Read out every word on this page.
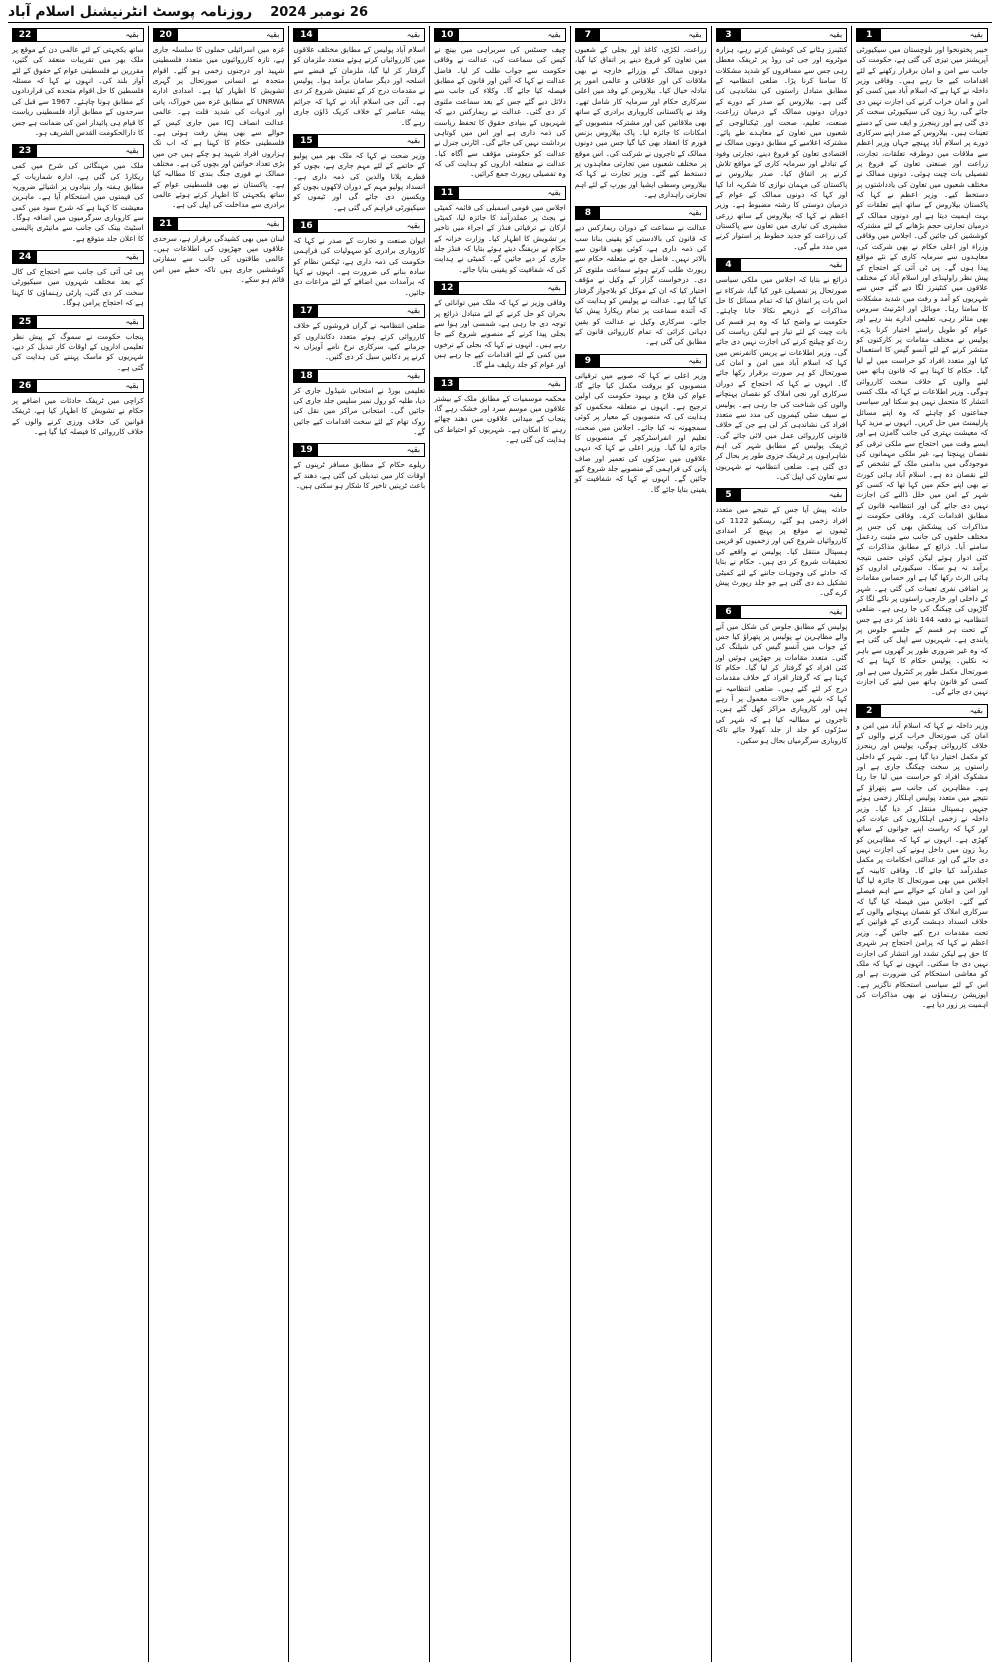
روزنامہ پوسٹ انٹرنیشنل اسلام آباد 26 نومبر 2024
1	بقیہ

خیبر پختونخوا اور بلوچستان میں سیکیورٹی آپریشنز میں تیزی کی گئی ہے، حکومت کی جانب سے امن و امان برقرار رکھنے کے لئے اقدامات کیے جا رہے ہیں۔ وفاقی وزیر داخلہ نے کہا ہے کہ اسلام آباد میں کسی کو امن و امان خراب کرنے کی اجازت نہیں دی جائے گی، ریڈ زون کی سیکیورٹی سخت کر دی گئی ہے اور رینجرز و ایف سی کے دستے تعینات ہیں۔ بیلاروس کے صدر اپنے سرکاری دورے پر اسلام آباد پہنچے جہاں وزیر اعظم سے ملاقات میں دوطرفہ تعلقات، تجارت، زراعت اور صنعتی تعاون کے فروغ پر تفصیلی بات چیت ہوئی۔ دونوں ممالک نے مختلف شعبوں میں تعاون کی یادداشتوں پر دستخط کیے۔ وزیر اعظم نے کہا کہ پاکستان بیلاروس کے ساتھ اپنے تعلقات کو بہت اہمیت دیتا ہے اور دونوں ممالک کے درمیان تجارتی حجم بڑھانے کے لئے مشترکہ کوششیں کی جائیں گی۔ اجلاس میں وفاقی وزراء اور اعلی حکام نے بھی شرکت کی، معاہدوں سے سرمایہ کاری کے نئے مواقع پیدا ہوں گے۔ پی ٹی آئی کے احتجاج کے پیش نظر راولپنڈی اور اسلام آباد کے مختلف علاقوں میں کنٹینرز لگا دیے گئے جس سے شہریوں کو آمد و رفت میں شدید مشکلات کا سامنا رہا۔ موبائل اور انٹرنیٹ سروس بھی متاثر رہی، تعلیمی ادارے بند رہے اور عوام کو طویل راستے اختیار کرنا پڑے۔ پولیس نے مختلف مقامات پر کارکنوں کو منتشر کرنے کے لئے آنسو گیس کا استعمال کیا اور متعدد افراد کو حراست میں لے لیا گیا۔ حکام کا کہنا ہے کہ قانون ہاتھ میں لینے والوں کے خلاف سخت کارروائی ہوگی۔ وزیر اطلاعات نے کہا کہ ملک کسی انتشار کا متحمل نہیں ہو سکتا اور سیاسی جماعتوں کو چاہئے کہ وہ اپنے مسائل پارلیمنٹ میں حل کریں۔ انہوں نے مزید کہا کہ معیشت بہتری کی جانب گامزن ہے اور ایسے وقت میں احتجاج سے ملکی ترقی کو نقصان پہنچتا ہے، غیر ملکی مہمانوں کی موجودگی میں بدامنی ملک کے تشخص کے لئے نقصان دہ ہے۔ اسلام آباد ہائی کورٹ نے بھی اپنے حکم میں کہا تھا کہ کسی کو شہر کے امن میں خلل ڈالنے کی اجازت نہیں دی جائے گی اور انتظامیہ قانون کے مطابق اقدامات کرے۔ وفاقی حکومت نے مذاکرات کی پیشکش بھی کی جس پر مختلف حلقوں کی جانب سے مثبت ردعمل سامنے آیا۔ ذرائع کے مطابق مذاکرات کے کئی ادوار ہوئے لیکن کوئی حتمی نتیجہ برآمد نہ ہو سکا۔ سیکیورٹی اداروں کو ہائی الرٹ رکھا گیا ہے اور حساس مقامات پر اضافی نفری تعینات کی گئی ہے۔ شہر کے داخلی اور خارجی راستوں پر ناکے لگا کر گاڑیوں کی چیکنگ کی جا رہی ہے۔ ضلعی انتظامیہ نے دفعہ 144 نافذ کر دی ہے جس کے تحت ہر قسم کے جلسے جلوس پر پابندی ہے۔ شہریوں سے اپیل کی گئی ہے کہ وہ غیر ضروری طور پر گھروں سے باہر نہ نکلیں۔ پولیس حکام کا کہنا ہے کہ صورتحال مکمل طور پر کنٹرول میں ہے اور کسی کو قانون ہاتھ میں لینے کی اجازت نہیں دی جائے گی۔

2	بقیہ

وزیر داخلہ نے کہا کہ اسلام آباد میں امن و امان کی صورتحال خراب کرنے والوں کے خلاف کارروائی ہوگی، پولیس اور رینجرز کو مکمل اختیار دیا گیا ہے۔ شہر کے داخلی راستوں پر سخت چیکنگ جاری ہے اور مشکوک افراد کو حراست میں لیا جا رہا ہے۔ مظاہرین کی جانب سے پتھراؤ کے نتیجے میں متعدد پولیس اہلکار زخمی ہوئے جنہیں ہسپتال منتقل کر دیا گیا۔ وزیر داخلہ نے زخمی اہلکاروں کی عیادت کی اور کہا کہ ریاست اپنے جوانوں کے ساتھ کھڑی ہے۔ انہوں نے کہا کہ مظاہرین کو ریڈ زون میں داخل ہونے کی اجازت نہیں دی جائے گی اور عدالتی احکامات پر مکمل عملدرآمد کیا جائے گا۔ وفاقی کابینہ کے اجلاس میں بھی صورتحال کا جائزہ لیا گیا اور امن و امان کے حوالے سے اہم فیصلے کیے گئے۔ اجلاس میں فیصلہ کیا گیا کہ سرکاری املاک کو نقصان پہنچانے والوں کے خلاف انسداد دہشت گردی کے قوانین کے تحت مقدمات درج کیے جائیں گے۔ وزیر اعظم نے کہا کہ پرامن احتجاج ہر شہری کا حق ہے لیکن تشدد اور انتشار کی اجازت نہیں دی جا سکتی۔ انہوں نے کہا کہ ملک کو معاشی استحکام کی ضرورت ہے اور اس کے لئے سیاسی استحکام ناگزیر ہے۔ اپوزیشن رہنماؤں نے بھی مذاکرات کی اہمیت پر زور دیا ہے۔

3	بقیہ

کنٹینرز ہٹانے کی کوشش کرتے رہے، ہزارہ موٹروے اور جی ٹی روڈ پر ٹریفک معطل رہی جس سے مسافروں کو شدید مشکلات کا سامنا کرنا پڑا۔ ضلعی انتظامیہ کے مطابق متبادل راستوں کی نشاندہی کی گئی ہے۔ بیلاروس کے صدر کے دورے کے دوران دونوں ممالک کے درمیان زراعت، صنعت، تعلیم، صحت اور ٹیکنالوجی کے شعبوں میں تعاون کے معاہدے طے پائے۔ مشترکہ اعلامیے کے مطابق دونوں ممالک نے اقتصادی تعاون کو فروغ دینے، تجارتی وفود کے تبادلے اور سرمایہ کاری کے مواقع تلاش کرنے پر اتفاق کیا۔ صدر بیلاروس نے پاکستان کی مہمان نوازی کا شکریہ ادا کیا اور کہا کہ دونوں ممالک کے عوام کے درمیان دوستی کا رشتہ مضبوط ہے۔ وزیر اعظم نے کہا کہ بیلاروس کے ساتھ زرعی مشینری کی تیاری میں تعاون سے پاکستان کی زراعت کو جدید خطوط پر استوار کرنے میں مدد ملے گی۔

4	بقیہ

ذرائع نے بتایا کہ اجلاس میں ملکی سیاسی صورتحال پر تفصیلی غور کیا گیا، شرکاء نے اس بات پر اتفاق کیا کہ تمام مسائل کا حل مذاکرات کے ذریعے نکالا جانا چاہئے۔ حکومت نے واضح کیا کہ وہ ہر قسم کی بات چیت کے لئے تیار ہے لیکن ریاست کی رٹ کو چیلنج کرنے کی اجازت نہیں دی جائے گی۔ وزیر اطلاعات نے پریس کانفرنس میں کہا کہ اسلام آباد میں امن و امان کی صورتحال کو ہر صورت برقرار رکھا جائے گا۔ انہوں نے کہا کہ احتجاج کے دوران سرکاری اور نجی املاک کو نقصان پہنچانے والوں کی شناخت کی جا رہی ہے۔ پولیس نے سیف سٹی کیمروں کی مدد سے متعدد افراد کی نشاندہی کر لی ہے جن کے خلاف قانونی کارروائی عمل میں لائی جائے گی۔ ٹریفک پولیس کے مطابق شہر کی اہم شاہراہوں پر ٹریفک جزوی طور پر بحال کر دی گئی ہے۔ ضلعی انتظامیہ نے شہریوں سے تعاون کی اپیل کی۔

5	بقیہ

حادثہ پیش آیا جس کے نتیجے میں متعدد افراد زخمی ہو گئے، ریسکیو 1122 کی ٹیموں نے موقع پر پہنچ کر امدادی کارروائیاں شروع کیں اور زخمیوں کو قریبی ہسپتال منتقل کیا۔ پولیس نے واقعے کی تحقیقات شروع کر دی ہیں۔ حکام نے بتایا کہ حادثے کی وجوہات جاننے کے لئے کمیٹی تشکیل دے دی گئی ہے جو جلد رپورٹ پیش کرے گی۔

6	بقیہ

پولیس کے مطابق جلوس کی شکل میں آنے والے مظاہرین نے پولیس پر پتھراؤ کیا جس کے جواب میں آنسو گیس کی شیلنگ کی گئی۔ متعدد مقامات پر جھڑپیں ہوئیں اور کئی افراد کو گرفتار کر لیا گیا۔ حکام کا کہنا ہے کہ گرفتار افراد کے خلاف مقدمات درج کر لئے گئے ہیں۔ ضلعی انتظامیہ نے کہا کہ شہر میں حالات معمول پر آ رہے ہیں اور کاروباری مراکز کھل گئے ہیں۔ تاجروں نے مطالبہ کیا ہے کہ شہر کی سڑکوں کو جلد از جلد کھولا جائے تاکہ کاروباری سرگرمیاں بحال ہو سکیں۔

7	بقیہ

زراعت، لکڑی، کاغذ اور بجلی کے شعبوں میں تعاون کو فروغ دینے پر اتفاق کیا گیا، دونوں ممالک کے وزرائے خارجہ نے بھی ملاقات کی اور علاقائی و عالمی امور پر تبادلہ خیال کیا۔ بیلاروس کے وفد میں اعلی سرکاری حکام اور سرمایہ کار شامل تھے۔ وفد نے پاکستانی کاروباری برادری کے ساتھ بھی ملاقاتیں کیں اور مشترکہ منصوبوں کے امکانات کا جائزہ لیا۔ پاک بیلاروس بزنس فورم کا انعقاد بھی کیا گیا جس میں دونوں ممالک کے تاجروں نے شرکت کی۔ اس موقع پر مختلف شعبوں میں تجارتی معاہدوں پر دستخط کیے گئے۔ وزیر تجارت نے کہا کہ بیلاروس وسطی ایشیا اور یورپ کے لئے اہم تجارتی راہداری ہے۔

8	بقیہ

عدالت نے سماعت کے دوران ریمارکس دیے کہ قانون کی بالادستی کو یقینی بنانا سب کی ذمہ داری ہے، کوئی بھی قانون سے بالاتر نہیں۔ فاضل جج نے متعلقہ حکام سے رپورٹ طلب کرتے ہوئے سماعت ملتوی کر دی۔ درخواست گزار کے وکیل نے مؤقف اختیار کیا کہ ان کے موکل کو بلاجواز گرفتار کیا گیا ہے۔ عدالت نے پولیس کو ہدایت کی کہ آئندہ سماعت پر تمام ریکارڈ پیش کیا جائے۔ سرکاری وکیل نے عدالت کو یقین دہانی کرائی کہ تمام کارروائی قانون کے مطابق کی گئی ہے۔

9	بقیہ

وزیر اعلی نے کہا کہ صوبے میں ترقیاتی منصوبوں کو بروقت مکمل کیا جائے گا، عوام کی فلاح و بہبود حکومت کی اولین ترجیح ہے۔ انہوں نے متعلقہ محکموں کو ہدایت کی کہ منصوبوں کے معیار پر کوئی سمجھوتہ نہ کیا جائے۔ اجلاس میں صحت، تعلیم اور انفراسٹرکچر کے منصوبوں کا جائزہ لیا گیا۔ وزیر اعلی نے کہا کہ دیہی علاقوں میں سڑکوں کی تعمیر اور صاف پانی کی فراہمی کے منصوبے جلد شروع کیے جائیں گے۔ انہوں نے کہا کہ شفافیت کو یقینی بنایا جائے گا۔

10	بقیہ

چیف جسٹس کی سربراہی میں بینچ نے کیس کی سماعت کی، عدالت نے وفاقی حکومت سے جواب طلب کر لیا۔ فاضل عدالت نے کہا کہ آئین اور قانون کے مطابق فیصلہ کیا جائے گا۔ وکلاء کی جانب سے دلائل دیے گئے جس کے بعد سماعت ملتوی کر دی گئی۔ عدالت نے ریمارکس دیے کہ شہریوں کے بنیادی حقوق کا تحفظ ریاست کی ذمہ داری ہے اور اس میں کوتاہی برداشت نہیں کی جائے گی۔ اٹارنی جنرل نے عدالت کو حکومتی مؤقف سے آگاہ کیا۔ عدالت نے متعلقہ اداروں کو ہدایت کی کہ وہ تفصیلی رپورٹ جمع کرائیں۔

11	بقیہ

اجلاس میں قومی اسمبلی کی قائمہ کمیٹی نے بجٹ پر عملدرآمد کا جائزہ لیا، کمیٹی ارکان نے ترقیاتی فنڈز کے اجراء میں تاخیر پر تشویش کا اظہار کیا۔ وزارت خزانہ کے حکام نے بریفنگ دیتے ہوئے بتایا کہ فنڈز جلد جاری کر دیے جائیں گے۔ کمیٹی نے ہدایت کی کہ شفافیت کو یقینی بنایا جائے۔

12	بقیہ

وفاقی وزیر نے کہا کہ ملک میں توانائی کے بحران کو حل کرنے کے لئے متبادل ذرائع پر توجہ دی جا رہی ہے، شمسی اور ہوا سے بجلی پیدا کرنے کے منصوبے شروع کیے جا رہے ہیں۔ انہوں نے کہا کہ بجلی کے نرخوں میں کمی کے لئے اقدامات کیے جا رہے ہیں اور عوام کو جلد ریلیف ملے گا۔

13	بقیہ

محکمہ موسمیات کے مطابق ملک کے بیشتر علاقوں میں موسم سرد اور خشک رہے گا، پنجاب کے میدانی علاقوں میں دھند چھائے رہنے کا امکان ہے۔ شہریوں کو احتیاط کی ہدایت کی گئی ہے۔

14	بقیہ

اسلام آباد پولیس کے مطابق مختلف علاقوں میں کارروائیاں کرتے ہوئے متعدد ملزمان کو گرفتار کر لیا گیا، ملزمان کے قبضے سے اسلحہ اور دیگر سامان برآمد ہوا۔ پولیس نے مقدمات درج کر کے تفتیش شروع کر دی ہے۔ آئی جی اسلام آباد نے کہا کہ جرائم پیشہ عناصر کے خلاف کریک ڈاؤن جاری رہے گا۔

15	بقیہ

وزیر صحت نے کہا کہ ملک بھر میں پولیو کے خاتمے کے لئے مہم جاری ہے، بچوں کو قطرے پلانا والدین کی ذمہ داری ہے۔ انسداد پولیو مہم کے دوران لاکھوں بچوں کو ویکسین دی جائے گی اور ٹیموں کو سیکیورٹی فراہم کی گئی ہے۔

16	بقیہ

ایوان صنعت و تجارت کے صدر نے کہا کہ کاروباری برادری کو سہولیات کی فراہمی حکومت کی ذمہ داری ہے، ٹیکس نظام کو سادہ بنانے کی ضرورت ہے۔ انہوں نے کہا کہ برآمدات میں اضافے کے لئے مراعات دی جائیں۔

17	بقیہ

ضلعی انتظامیہ نے گراں فروشوں کے خلاف کارروائی کرتے ہوئے متعدد دکانداروں کو جرمانے کیے، سرکاری نرخ نامے آویزاں نہ کرنے پر دکانیں سیل کر دی گئیں۔

18	بقیہ

تعلیمی بورڈ نے امتحانی شیڈول جاری کر دیا، طلبہ کو رول نمبر سلپس جلد جاری کی جائیں گی۔ امتحانی مراکز میں نقل کی روک تھام کے لئے سخت اقدامات کیے جائیں گے۔

19	بقیہ

ریلوے حکام کے مطابق مسافر ٹرینوں کے اوقات کار میں تبدیلی کی گئی ہے، دھند کے باعث ٹرینیں تاخیر کا شکار ہو سکتی ہیں۔

20	بقیہ

غزہ میں اسرائیلی حملوں کا سلسلہ جاری ہے، تازہ کارروائیوں میں متعدد فلسطینی شہید اور درجنوں زخمی ہو گئے۔ اقوام متحدہ نے انسانی صورتحال پر گہری تشویش کا اظہار کیا ہے۔ امدادی ادارے UNRWA کے مطابق غزہ میں خوراک، پانی اور ادویات کی شدید قلت ہے۔ عالمی عدالت انصاف ICJ میں جاری کیس کے حوالے سے بھی پیش رفت ہوئی ہے۔ فلسطینی حکام کا کہنا ہے کہ اب تک ہزاروں افراد شہید ہو چکے ہیں جن میں بڑی تعداد خواتین اور بچوں کی ہے۔ مختلف ممالک نے فوری جنگ بندی کا مطالبہ کیا ہے۔ پاکستان نے بھی فلسطینی عوام کے ساتھ یکجہتی کا اظہار کرتے ہوئے عالمی برادری سے مداخلت کی اپیل کی ہے۔

21	بقیہ

لبنان میں بھی کشیدگی برقرار ہے، سرحدی علاقوں میں جھڑپوں کی اطلاعات ہیں۔ عالمی طاقتوں کی جانب سے سفارتی کوششیں جاری ہیں تاکہ خطے میں امن قائم ہو سکے۔

22	بقیہ

ساتھ یکجہتی کے لئے عالمی دن کے موقع پر ملک بھر میں تقریبات منعقد کی گئیں، مقررین نے فلسطینی عوام کے حقوق کے لئے آواز بلند کی۔ انہوں نے کہا کہ مسئلہ فلسطین کا حل اقوام متحدہ کی قراردادوں کے مطابق ہونا چاہئے۔ 1967 سے قبل کی سرحدوں کے مطابق آزاد فلسطینی ریاست کا قیام ہی پائیدار امن کی ضمانت ہے جس کا دارالحکومت القدس الشریف ہو۔

23	بقیہ

ملک میں مہنگائی کی شرح میں کمی ریکارڈ کی گئی ہے، ادارہ شماریات کے مطابق ہفتہ وار بنیادوں پر اشیائے ضروریہ کی قیمتوں میں استحکام آیا ہے۔ ماہرین معیشت کا کہنا ہے کہ شرح سود میں کمی سے کاروباری سرگرمیوں میں اضافہ ہوگا۔ اسٹیٹ بینک کی جانب سے مانیٹری پالیسی کا اعلان جلد متوقع ہے۔

24	بقیہ

پی ٹی آئی کی جانب سے احتجاج کی کال کے بعد مختلف شہروں میں سیکیورٹی سخت کر دی گئی، پارٹی رہنماؤں کا کہنا ہے کہ احتجاج پرامن ہوگا۔

25	بقیہ

پنجاب حکومت نے سموگ کے پیش نظر تعلیمی اداروں کے اوقات کار تبدیل کر دیے، شہریوں کو ماسک پہننے کی ہدایت کی گئی ہے۔

26	بقیہ

کراچی میں ٹریفک حادثات میں اضافے پر حکام نے تشویش کا اظہار کیا ہے، ٹریفک قوانین کی خلاف ورزی کرنے والوں کے خلاف کارروائی کا فیصلہ کیا گیا ہے۔
